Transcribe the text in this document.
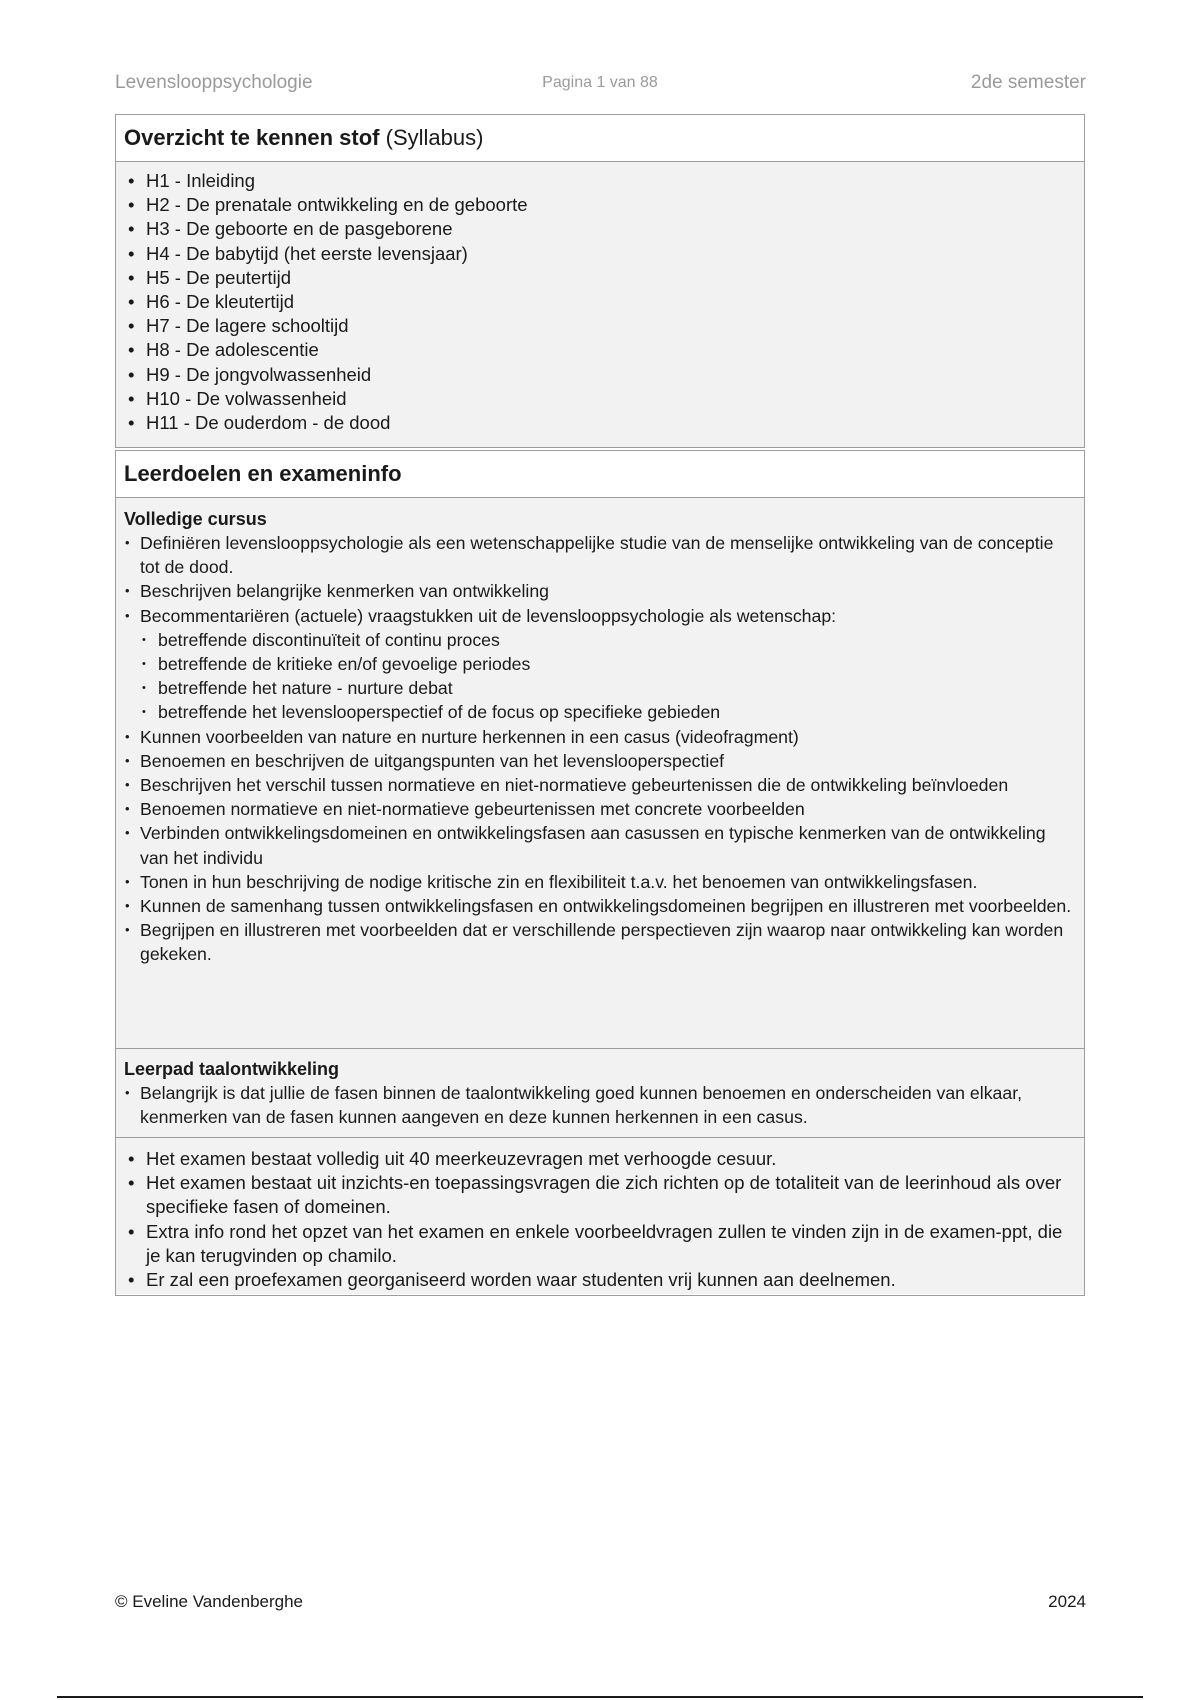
Levenslooppsychologie	Pagina 1 van 88	2de semester
Overzicht te kennen stof (Syllabus)
• H1 - Inleiding
• H2 - De prenatale ontwikkeling en de geboorte
• H3 - De geboorte en de pasgeborene
• H4 - De babytijd (het eerste levensjaar)
• H5 - De peutertijd
• H6 - De kleutertijd
• H7 - De lagere schooltijd
• H8 - De adolescentie
• H9 - De jongvolwassenheid
• H10 - De volwassenheid
• H11 - De ouderdom - de dood
Leerdoelen en exameninfo
Volledige cursus
• Definiëren levenslooppsychologie als een wetenschappelijke studie van de menselijke ontwikkeling van de conceptie tot de dood.
• Beschrijven belangrijke kenmerken van ontwikkeling
• Becommentariëren (actuele) vraagstukken uit de levenslooppsychologie als wetenschap:
• betreffende discontinuïteit of continu proces
• betreffende de kritieke en/of gevoelige periodes
• betreffende het nature - nurture debat
• betreffende het levenslooperspectief of de focus op specifieke gebieden
• Kunnen voorbeelden van nature en nurture herkennen in een casus (videofragment)
• Benoemen en beschrijven de uitgangspunten van het levenslooperspectief
• Beschrijven het verschil tussen normatieve en niet-normatieve gebeurtenissen die de ontwikkeling beïnvloeden
• Benoemen normatieve en niet-normatieve gebeurtenissen met concrete voorbeelden
• Verbinden ontwikkelingsdomeinen en ontwikkelingsfasen aan casussen en typische kenmerken van de ontwikkeling van het individu
• Tonen in hun beschrijving de nodige kritische zin en flexibiliteit t.a.v. het benoemen van ontwikkelingsfasen.
• Kunnen de samenhang tussen ontwikkelingsfasen en ontwikkelingsdomeinen begrijpen en illustreren met voorbeelden.
• Begrijpen en illustreren met voorbeelden dat er verschillende perspectieven zijn waarop naar ontwikkeling kan worden gekeken.
Leerpad taalontwikkeling
• Belangrijk is dat jullie de fasen binnen de taalontwikkeling goed kunnen benoemen en onderscheiden van elkaar, kenmerken van de fasen kunnen aangeven en deze kunnen herkennen in een casus.
• Het examen bestaat volledig uit 40 meerkeuzevragen met verhoogde cesuur.
• Het examen bestaat uit inzichts-en toepassingsvragen die zich richten op de totaliteit van de leerinhoud als over specifieke fasen of domeinen.
• Extra info rond het opzet van het examen en enkele voorbeeldvragen zullen te vinden zijn in de examen-ppt, die je kan terugvinden op chamilo.
• Er zal een proefexamen georganiseerd worden waar studenten vrij kunnen aan deelnemen.
© Eveline Vandenberghe	2024
